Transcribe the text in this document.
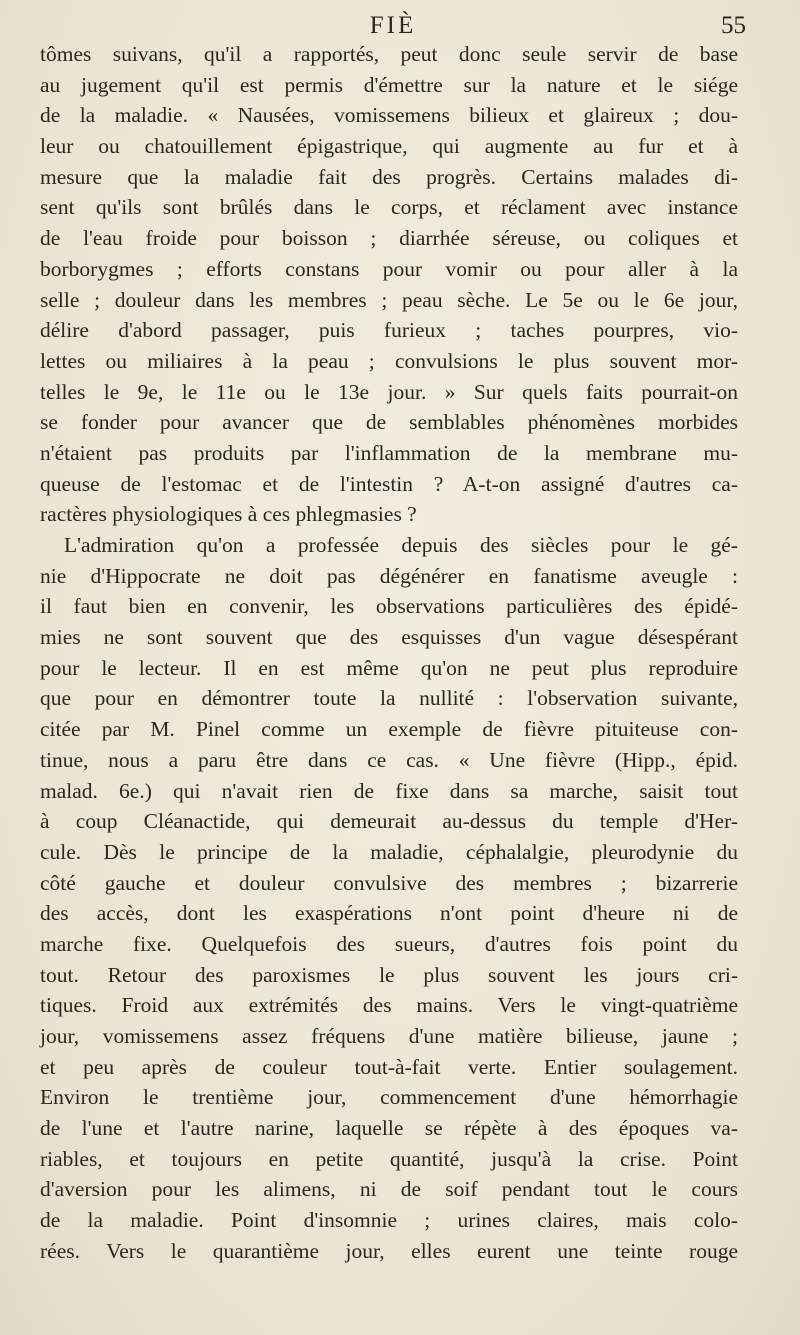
FIÈ	55
tômes suivans, qu'il a rapportés, peut donc seule servir de base
au jugement qu'il est permis d'émettre sur la nature et le siége
de la maladie. « Nausées, vomissemens bilieux et glaireux ; dou-
leur ou chatouillement épigastrique, qui augmente au fur et à
mesure que la maladie fait des progrès. Certains malades di-
sent qu'ils sont brûlés dans le corps, et réclament avec instance
de l'eau froide pour boisson ; diarrhée séreuse, ou coliques et
borborygmes ; efforts constans pour vomir ou pour aller à la
selle ; douleur dans les membres ; peau sèche. Le 5e ou le 6e jour,
délire d'abord passager, puis furieux ; taches pourpres, vio-
lettes ou miliaires à la peau ; convulsions le plus souvent mor-
telles le 9e, le 11e ou le 13e jour. » Sur quels faits pourrait-on
se fonder pour avancer que de semblables phénomènes morbides
n'étaient pas produits par l'inflammation de la membrane mu-
queuse de l'estomac et de l'intestin ? A-t-on assigné d'autres ca-
ractères physiologiques à ces phlegmasies ?
L'admiration qu'on a professée depuis des siècles pour le gé-
nie d'Hippocrate ne doit pas dégénérer en fanatisme aveugle :
il faut bien en convenir, les observations particulières des épidé-
mies ne sont souvent que des esquisses d'un vague désespérant
pour le lecteur. Il en est même qu'on ne peut plus reproduire
que pour en démontrer toute la nullité : l'observation suivante,
citée par M. Pinel comme un exemple de fièvre pituiteuse con-
tinue, nous a paru être dans ce cas. « Une fièvre (Hipp., épid.
malad. 6e.) qui n'avait rien de fixe dans sa marche, saisit tout
à coup Cléanactide, qui demeurait au-dessus du temple d'Her-
cule. Dès le principe de la maladie, céphalalgie, pleurodynie du
côté gauche et douleur convulsive des membres ; bizarrerie
des accès, dont les exaspérations n'ont point d'heure ni de
marche fixe. Quelquefois des sueurs, d'autres fois point du
tout. Retour des paroxismes le plus souvent les jours cri-
tiques. Froid aux extrémités des mains. Vers le vingt-quatrième
jour, vomissemens assez fréquens d'une matière bilieuse, jaune ;
et peu après de couleur tout-à-fait verte. Entier soulagement.
Environ le trentième jour, commencement d'une hémorrhagie
de l'une et l'autre narine, laquelle se répète à des époques va-
riables, et toujours en petite quantité, jusqu'à la crise. Point
d'aversion pour les alimens, ni de soif pendant tout le cours
de la maladie. Point d'insomnie ; urines claires, mais colo-
rées. Vers le quarantième jour, elles eurent une teinte rouge
